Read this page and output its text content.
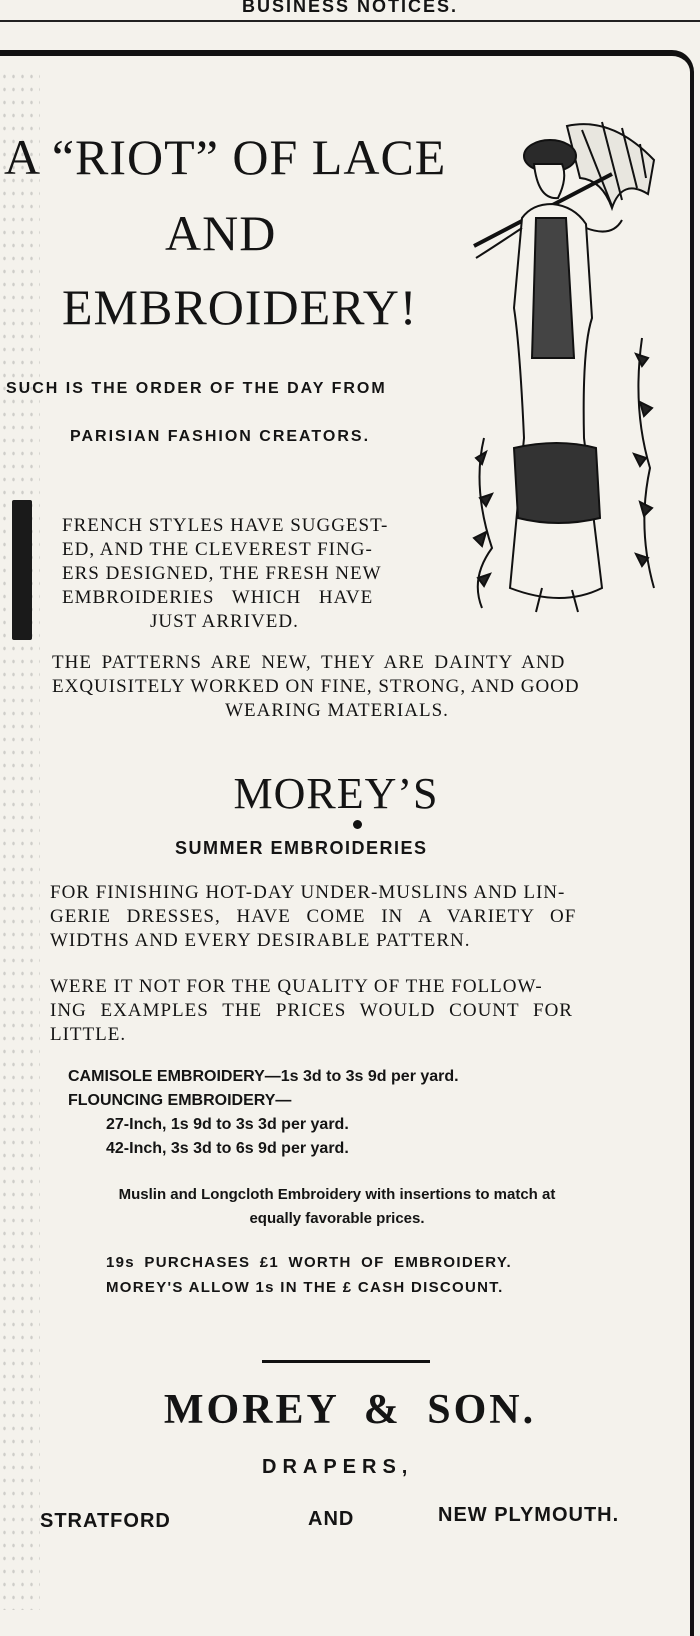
BUSINESS NOTICES.
A “RIOT” OF LACE
AND
EMBROIDERY!
SUCH IS THE ORDER OF THE DAY FROM
PARISIAN FASHION CREATORS.
FRENCH STYLES HAVE SUGGEST-
ED, AND THE CLEVEREST FING-
ERS DESIGNED, THE FRESH NEW
EMBROIDERIES WHICH HAVE
JUST ARRIVED.
THE PATTERNS ARE NEW, THEY ARE DAINTY AND
EXQUISITELY WORKED ON FINE, STRONG, AND GOOD
WEARING MATERIALS.
MOREY’S
SUMMER EMBROIDERIES
FOR FINISHING HOT-DAY UNDER-MUSLINS AND LIN-
GERIE DRESSES, HAVE COME IN A VARIETY OF
WIDTHS AND EVERY DESIRABLE PATTERN.
WERE IT NOT FOR THE QUALITY OF THE FOLLOW-
ING EXAMPLES THE PRICES WOULD COUNT FOR
LITTLE.
CAMISOLE EMBROIDERY—1s 3d to 3s 9d per yard.
FLOUNCING EMBROIDERY—
27-Inch, 1s 9d to 3s 3d per yard.
42-Inch, 3s 3d to 6s 9d per yard.
Muslin and Longcloth Embroidery with insertions to match at
equally favorable prices.
19s PURCHASES £1 WORTH OF EMBROIDERY.
MOREY'S ALLOW 1s IN THE £ CASH DISCOUNT.
MOREY & SON.
DRAPERS,
STRATFORD	AND	NEW PLYMOUTH.
